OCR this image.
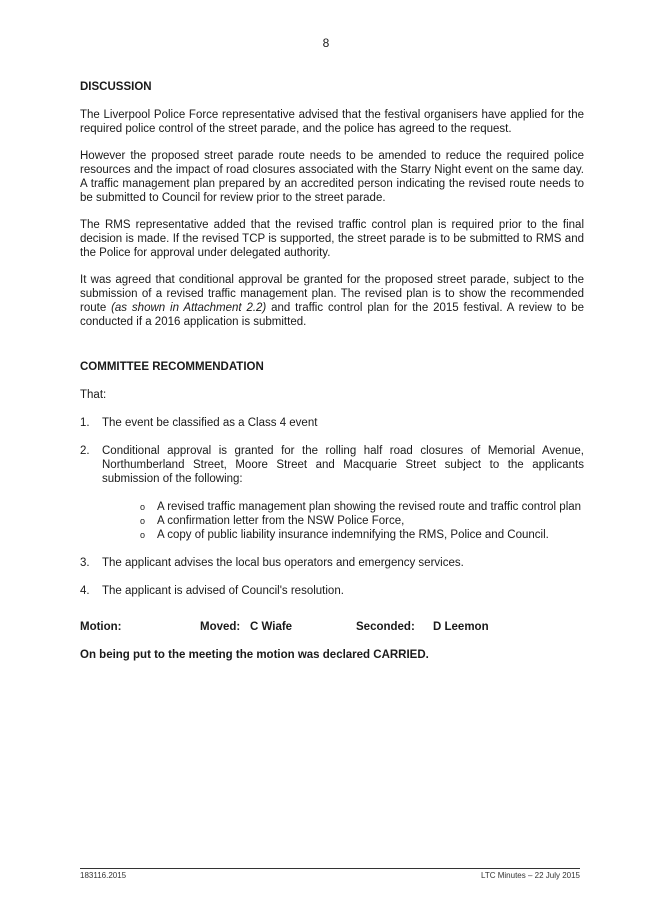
8
DISCUSSION

The Liverpool Police Force representative advised that the festival organisers have applied for the required police control of the street parade, and the police has agreed to the request.

However the proposed street parade route needs to be amended to reduce the required police resources and the impact of road closures associated with the Starry Night event on the same day. A traffic management plan prepared by an accredited person indicating the revised route needs to be submitted to Council for review prior to the street parade.

The RMS representative added that the revised traffic control plan is required prior to the final decision is made. If the revised TCP is supported, the street parade is to be submitted to RMS and the Police for approval under delegated authority.

It was agreed that conditional approval be granted for the proposed street parade, subject to the submission of a revised traffic management plan. The revised plan is to show the recommended route (as shown in Attachment 2.2) and traffic control plan for the 2015 festival. A review to be conducted if a 2016 application is submitted.

COMMITTEE RECOMMENDATION

That:

1. The event be classified as a Class 4 event

2. Conditional approval is granted for the rolling half road closures of Memorial Avenue, Northumberland Street, Moore Street and Macquarie Street subject to the applicants submission of the following:

o A revised traffic management plan showing the revised route and traffic control plan
o A confirmation letter from the NSW Police Force,
o A copy of public liability insurance indemnifying the RMS, Police and Council.
3. The applicant advises the local bus operators and emergency services.

4. The applicant is advised of Council's resolution.

Motion:	Moved: C Wiafe	Seconded: D Leemon

On being put to the meeting the motion was declared CARRIED.

183116.2015	LTC Minutes – 22 July 2015
